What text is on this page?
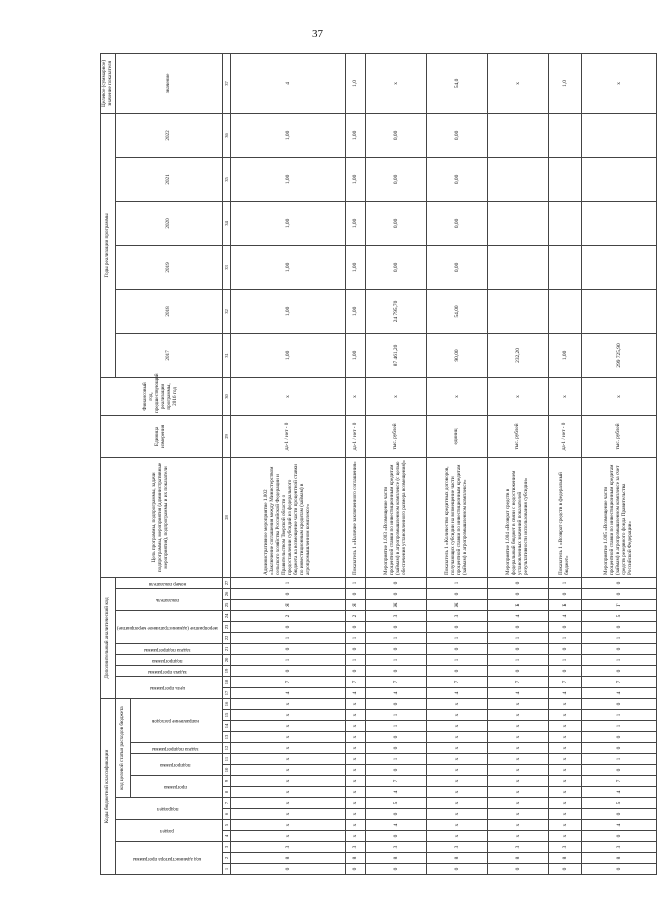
37
Коды бюджетной классификации																Дополнительный аналитический код											Цель программы, подпрограммы, задачи подпрограммы, мероприятия (административные мероприятия), подпрограммы и их показатели	Единица измерения	Финансовый год, предшествующий реализации программы, 2016 год	Годы реализации программы						Целевое (суммарное) значение показателя
код администратора программы			раздел		подраздел		код целевой статьи расходов бюджета									цель программы		задача программы	подпрограмма	задача подпрограммы	мероприятие (административное мероприятие)			показатель		номер показателя				2017	2018	2019	2020	2021	2022	значение
							программа		подпрограмма		задача подпрограммы	направление расходов																								
1	2	3	4	5	6	7	8	9	10	11	12	13	14	15	16	17	18	19	20	21	22	23	24	25	26	27	28	29	30	31	32	33	34	35	36	37
0	8	3	х	х	х	х	х	х	х	х	х	х	х	х	х	4	7	0	1	0	1	0	2	Я	0	1	Административное мероприятие 1.002 «Заключение соглашения между Министерством сельского хозяйства Российской Федерации и Правительством Тверской области о предоставлении субсидий из федерального бюджета на возмещение части процентной ставки по инвестиционным кредитам (займам) в агропромышленном комплексе»	да-1 / нет - 0	х	1,00	1,00	1,00	1,00	1,00	1,00	4
0	8	3	х	х	х	х	х	х	х	х	х	х	х	х	х	4	7	0	1	0	1	0	2	Я	0	1	Показатель 1 «Наличие заключенного соглашения»	да-1 / нет - 0	х	1,00	1,00	1,00	1,00	1,00	1,00	1,0
0	8	3	0	4	0	5	4	7	0	1	0	0	1	1	0	4	7	0	1	0	1	0	3	Ж	0	0	Мероприятие 1.003 «Возмещение части процентной ставки по инвестиционным кредитам (займам) в агропромышленном комплексе (с целью обеспечения установленного размера возмещения)»	тыс. рублей	х	87 461,20	24 795,70	0,00	0,00	0,00	0,00	х
0	8	3	х	х	х	х	х	х	х	х	х	х	х	х	х	4	7	0	1	0	1	0	3	Ж	0	1	Показатель 1 «Количество кредитных договоров, получающих субсидии на возмещение части процентной ставки по инвестиционным кредитам (займам) в агропромышленном комплексе»	единиц	х	90,00	54,00	0,00	0,00	0,00	0,00	54,0
0	8	3	х	х	х	х	х	х	х	х	х	х	х	х	х	4	7	0	1	0	1	0	4	Б	0	0	Мероприятие 1.004 «Возврат средств в федеральный бюджет в связи с недостижением установленных значений показателей результативности использования субсидии»	тыс. рублей	х	232,20						х
0	8	3	х	х	х	х	х	х	х	х	х	х	х	х	х	4	7	0	1	0	1	0	4	Б	0	1	Показатель 1 «Возврат средств в федеральный бюджет»	да-1 / нет - 0	х	1,00						1,0
0	8	3	0	4	0	5	4	7	0	1	0	0	1	1	0	4	7	0	1	0	1	0	5	Г	0	0	Мероприятие 1.005 «Возмещение части процентной ставки по инвестиционным кредитам (займам) в агропромышленном комплексе за счет средств резервного фонда Правительства Российской Федерации»	тыс. рублей	х	299 725,90						х
